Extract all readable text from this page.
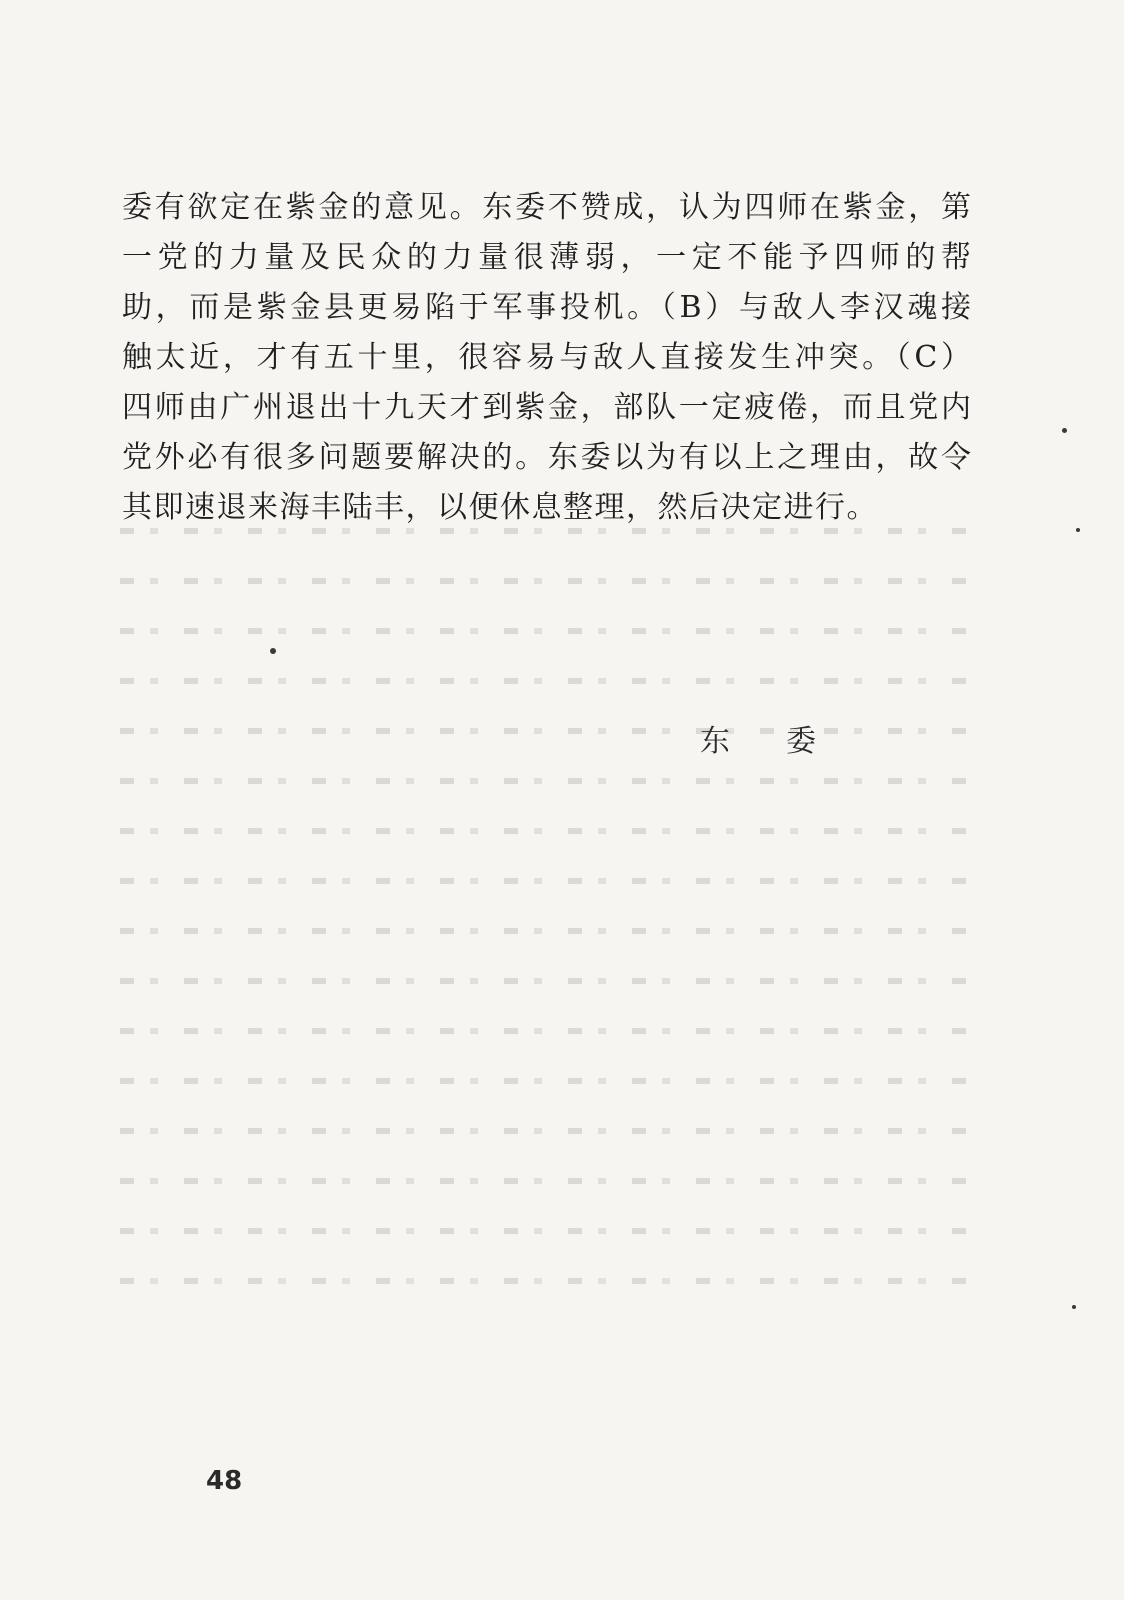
委有欲定在紫金的意见。东委不赞成，认为四师在紫金，第
一党的力量及民众的力量很薄弱，一定不能予四师的帮
助，而是紫金县更易陷于军事投机。（B）与敌人李汉魂接
触太近，才有五十里，很容易与敌人直接发生冲突。（C）
四师由广州退出十九天才到紫金，部队一定疲倦，而且党内
党外必有很多问题要解决的。东委以为有以上之理由，故令
其即速退来海丰陆丰，以便休息整理，然后决定进行。
东委
48
